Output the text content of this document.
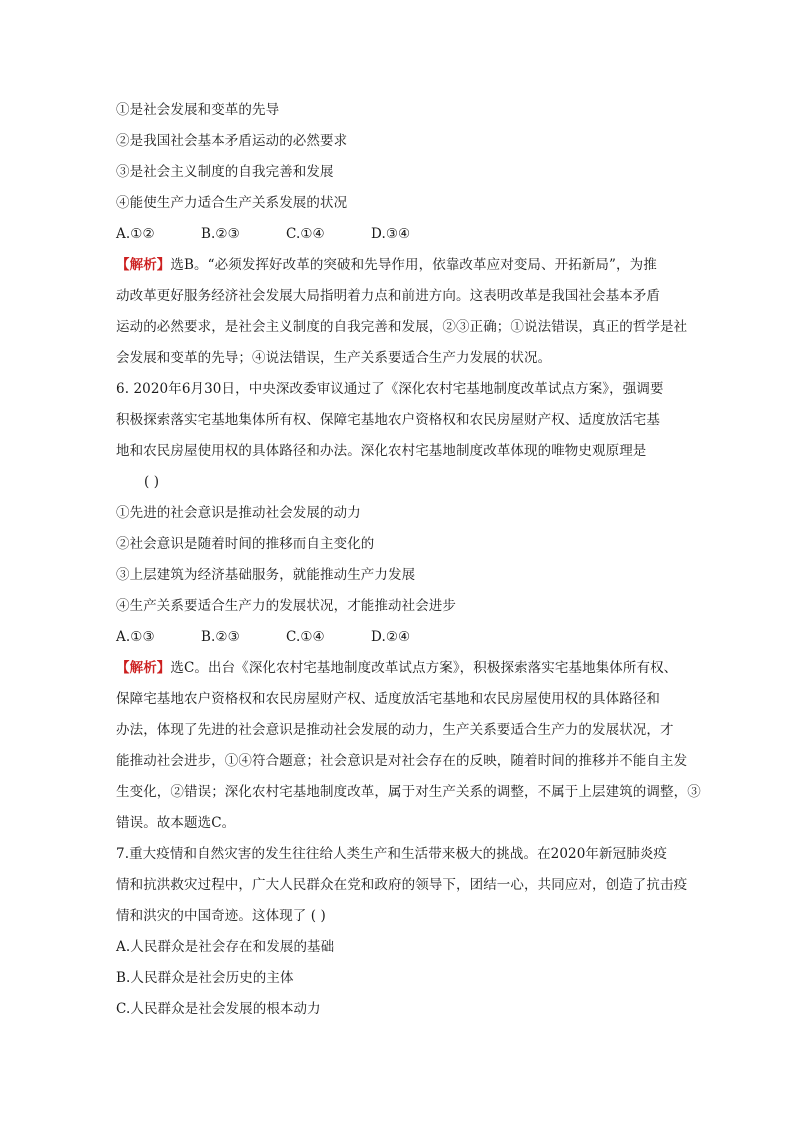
①是社会发展和变革的先导
②是我国社会基本矛盾运动的必然要求
③是社会主义制度的自我完善和发展
④能使生产力适合生产关系发展的状况
A.①②	B.②③	C.①④	D.③④
【解析】选B。“必须发挥好改革的突破和先导作用，依靠改革应对变局、开拓新局”，为推
动改革更好服务经济社会发展大局指明着力点和前进方向。这表明改革是我国社会基本矛盾
运动的必然要求，是社会主义制度的自我完善和发展，②③正确；①说法错误，真正的哲学是社
会发展和变革的先导；④说法错误，生产关系要适合生产力发展的状况。
6. 2020年6月30日，中央深改委审议通过了《深化农村宅基地制度改革试点方案》，强调要
积极探索落实宅基地集体所有权、保障宅基地农户资格权和农民房屋财产权、适度放活宅基
地和农民房屋使用权的具体路径和办法。深化农村宅基地制度改革体现的唯物史观原理是
( )
①先进的社会意识是推动社会发展的动力
②社会意识是随着时间的推移而自主变化的
③上层建筑为经济基础服务，就能推动生产力发展
④生产关系要适合生产力的发展状况，才能推动社会进步
A.①③	B.②③	C.①④	D.②④
【解析】选C。出台《深化农村宅基地制度改革试点方案》，积极探索落实宅基地集体所有权、
保障宅基地农户资格权和农民房屋财产权、适度放活宅基地和农民房屋使用权的具体路径和
办法，体现了先进的社会意识是推动社会发展的动力，生产关系要适合生产力的发展状况，才
能推动社会进步，①④符合题意；社会意识是对社会存在的反映，随着时间的推移并不能自主发
生变化，②错误；深化农村宅基地制度改革，属于对生产关系的调整，不属于上层建筑的调整，③
错误。故本题选C。
7.重大疫情和自然灾害的发生往往给人类生产和生活带来极大的挑战。在2020年新冠肺炎疫
情和抗洪救灾过程中，广大人民群众在党和政府的领导下，团结一心，共同应对，创造了抗击疫
情和洪灾的中国奇迹。这体现了 ( )
A.人民群众是社会存在和发展的基础
B.人民群众是社会历史的主体
C.人民群众是社会发展的根本动力
